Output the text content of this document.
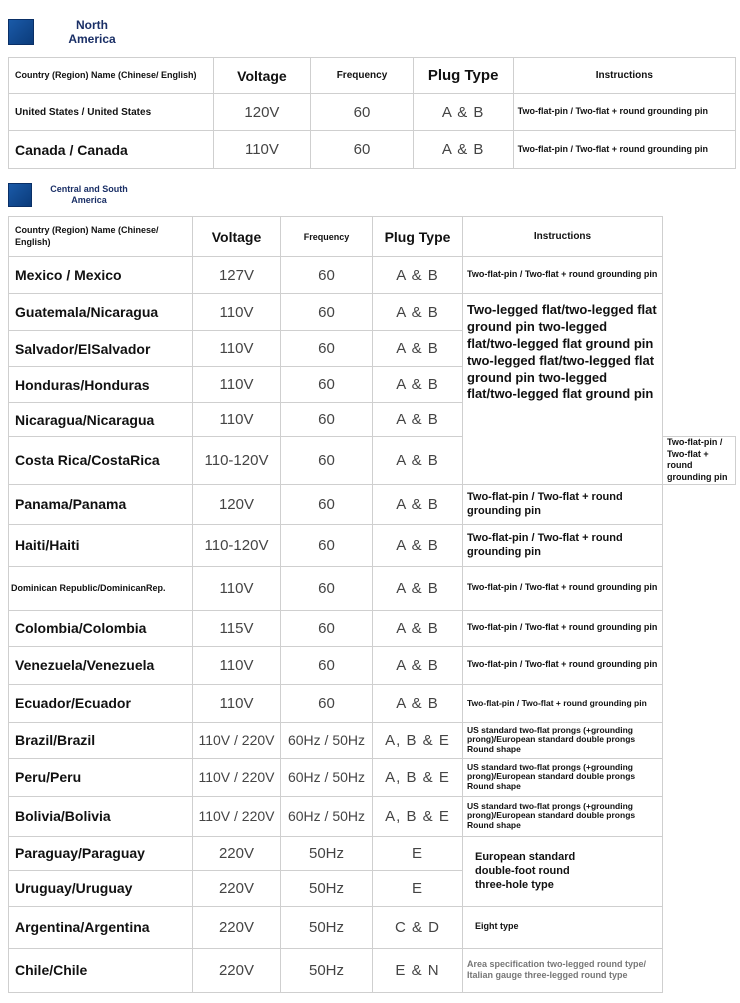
North America
Country (Region) Name (Chinese/ English)	Voltage	Frequency	Plug Type	Instructions
United States / United States	120V	60	A & B	Two-flat-pin / Two-flat + round grounding pin
Canada / Canada	110V	60	A & B	Two-flat-pin / Two-flat + round grounding pin
Central and South America
Country (Region) Name (Chinese/ English)	Voltage	Frequency	Plug Type	Instructions	
Mexico / Mexico	127V	60	A & B	Two-flat-pin / Two-flat + round grounding pin	
Guatemala/Nicaragua	110V	60	A & B	Two-legged flat/two-legged flat ground pin two-legged flat/two-legged flat ground pin two-legged flat/two-legged flat ground pin two-legged flat/two-legged flat ground pin	
Salvador/ElSalvador	110V	60	A & B		
Honduras/Honduras	110V	60	A & B		
Nicaragua/Nicaragua	110V	60	A & B		
Costa Rica/CostaRica	110-120V	60	A & B		Two-flat-pin / Two-flat + round grounding pin
Panama/Panama	120V	60	A & B	Two-flat-pin / Two-flat + round grounding pin	
Haiti/Haiti	110-120V	60	A & B	Two-flat-pin / Two-flat + round grounding pin	
Dominican Republic/DominicanRep.	110V	60	A & B	Two-flat-pin / Two-flat + round grounding pin	
Colombia/Colombia	115V	60	A & B	Two-flat-pin / Two-flat + round grounding pin	
Venezuela/Venezuela	110V	60	A & B	Two-flat-pin / Two-flat + round grounding pin	
Ecuador/Ecuador	110V	60	A & B	Two-flat-pin / Two-flat + round grounding pin	
Brazil/Brazil	110V / 220V	60Hz / 50Hz	A, B & E	US standard two-flat prongs (+grounding prong)/European standard double prongs Round shape	
Peru/Peru	110V / 220V	60Hz / 50Hz	A, B & E	US standard two-flat prongs (+grounding prong)/European standard double prongs Round shape	
Bolivia/Bolivia	110V / 220V	60Hz / 50Hz	A, B & E	US standard two-flat prongs (+grounding prong)/European standard double prongs Round shape	
Paraguay/Paraguay	220V	50Hz	E	European standard double-foot round three-hole type	
Uruguay/Uruguay	220V	50Hz	E		
Argentina/Argentina	220V	50Hz	C & D	Eight type	
Chile/Chile	220V	50Hz	E & N	Area specification two-legged round type/ Italian gauge three-legged round type	
